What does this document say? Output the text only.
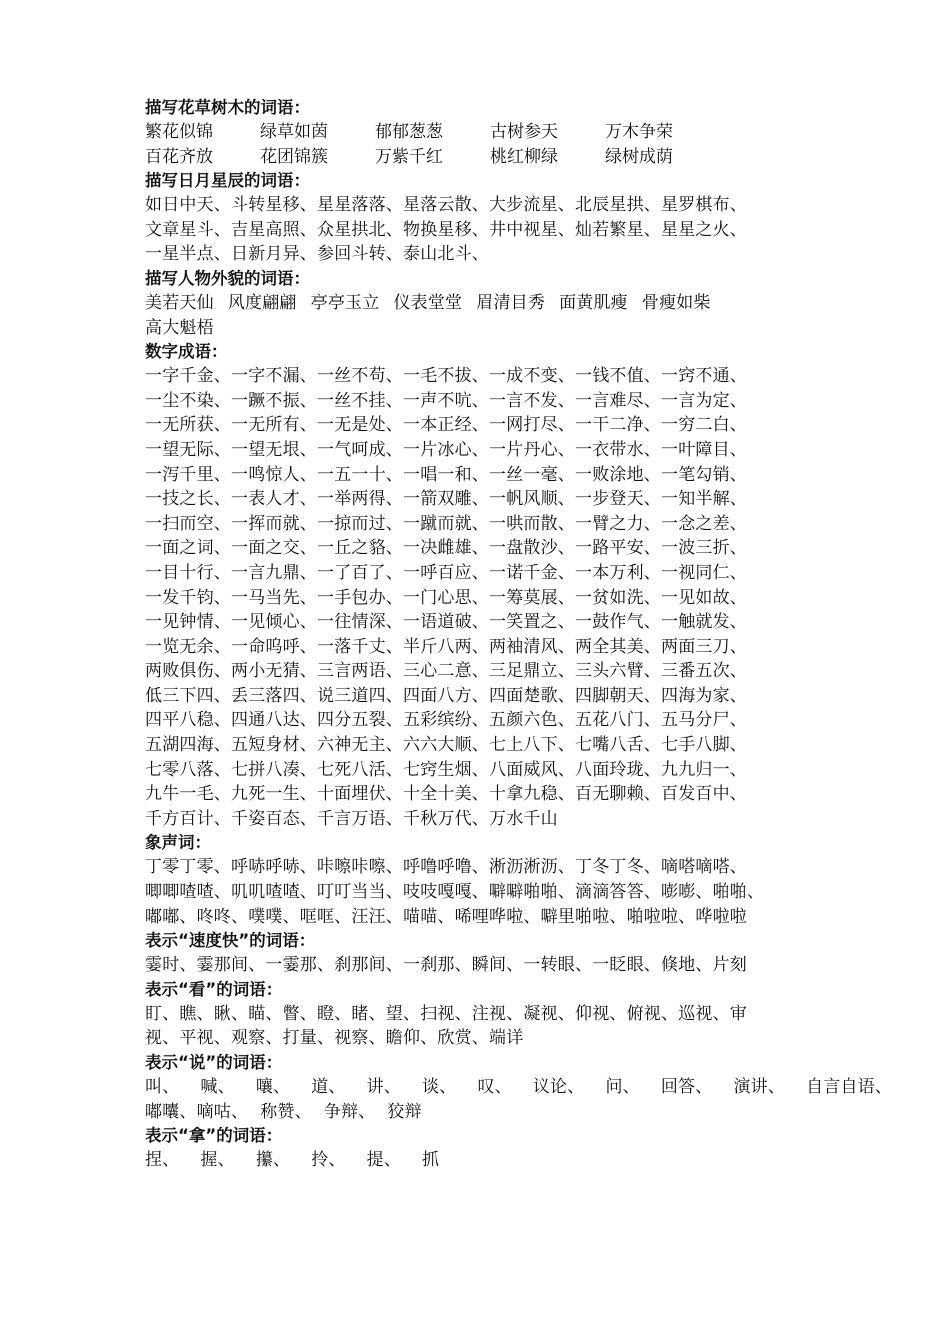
描写花草树木的词语：
繁花似锦	绿草如茵	郁郁葱葱	古树参天	万木争荣
百花齐放	花团锦簇	万紫千红	桃红柳绿	绿树成荫
描写日月星辰的词语：
如日中天、斗转星移、星星落落、星落云散、大步流星、北辰星拱、星罗棋布、
文章星斗、吉星高照、众星拱北、物换星移、井中视星、灿若繁星、星星之火、
一星半点、日新月异、参回斗转、泰山北斗、
描写人物外貌的词语：
美若天仙 风度翩翩 亭亭玉立 仪表堂堂 眉清目秀 面黄肌瘦 骨瘦如柴
高大魁梧
数字成语：
一字千金、一字不漏、一丝不苟、一毛不拔、一成不变、一钱不值、一窍不通、
一尘不染、一蹶不振、一丝不挂、一声不吭、一言不发、一言难尽、一言为定、
一无所获、一无所有、一无是处、一本正经、一网打尽、一干二净、一穷二白、
一望无际、一望无垠、一气呵成、一片冰心、一片丹心、一衣带水、一叶障目、
一泻千里、一鸣惊人、一五一十、一唱一和、一丝一毫、一败涂地、一笔勾销、
一技之长、一表人才、一举两得、一箭双雕、一帆风顺、一步登天、一知半解、
一扫而空、一挥而就、一掠而过、一蹴而就、一哄而散、一臂之力、一念之差、
一面之词、一面之交、一丘之貉、一决雌雄、一盘散沙、一路平安、一波三折、
一目十行、一言九鼎、一了百了、一呼百应、一诺千金、一本万利、一视同仁、
一发千钧、一马当先、一手包办、一门心思、一筹莫展、一贫如洗、一见如故、
一见钟情、一见倾心、一往情深、一语道破、一笑置之、一鼓作气、一触就发、
一览无余、一命呜呼、一落千丈、半斤八两、两袖清风、两全其美、两面三刀、
两败俱伤、两小无猜、三言两语、三心二意、三足鼎立、三头六臂、三番五次、
低三下四、丢三落四、说三道四、四面八方、四面楚歌、四脚朝天、四海为家、
四平八稳、四通八达、四分五裂、五彩缤纷、五颜六色、五花八门、五马分尸、
五湖四海、五短身材、六神无主、六六大顺、七上八下、七嘴八舌、七手八脚、
七零八落、七拼八凑、七死八活、七窍生烟、八面威风、八面玲珑、九九归一、
九牛一毛、九死一生、十面埋伏、十全十美、十拿九稳、百无聊赖、百发百中、
千方百计、千姿百态、千言万语、千秋万代、万水千山
象声词：
丁零丁零、呼哧呼哧、咔嚓咔嚓、呼噜呼噜、淅沥淅沥、丁冬丁冬、嘀嗒嘀嗒、
唧唧喳喳、叽叽喳喳、叮叮当当、吱吱嘎嘎、噼噼啪啪、滴滴答答、嘭嘭、啪啪、
嘟嘟、咚咚、噗噗、哐哐、汪汪、喵喵、唏哩哗啦、噼里啪啦、啪啦啦、哗啦啦
表示“速度快”的词语：
霎时、霎那间、一霎那、刹那间、一刹那、瞬间、一转眼、一眨眼、倏地、片刻
表示“看”的词语：
盯、瞧、瞅、瞄、瞥、瞪、睹、望、扫视、注视、凝视、仰视、俯视、巡视、审
视、平视、观察、打量、视察、瞻仰、欣赏、端详
表示“说”的词语：
叫、 喊、 嚷、 道、 讲、 谈、 叹、 议论、 问、 回答、 演讲、 自言自语、
嘟囔、嘀咕、 称赞、 争辩、 狡辩
表示“拿”的词语：
捏、 握、 攥、 拎、 提、 抓
